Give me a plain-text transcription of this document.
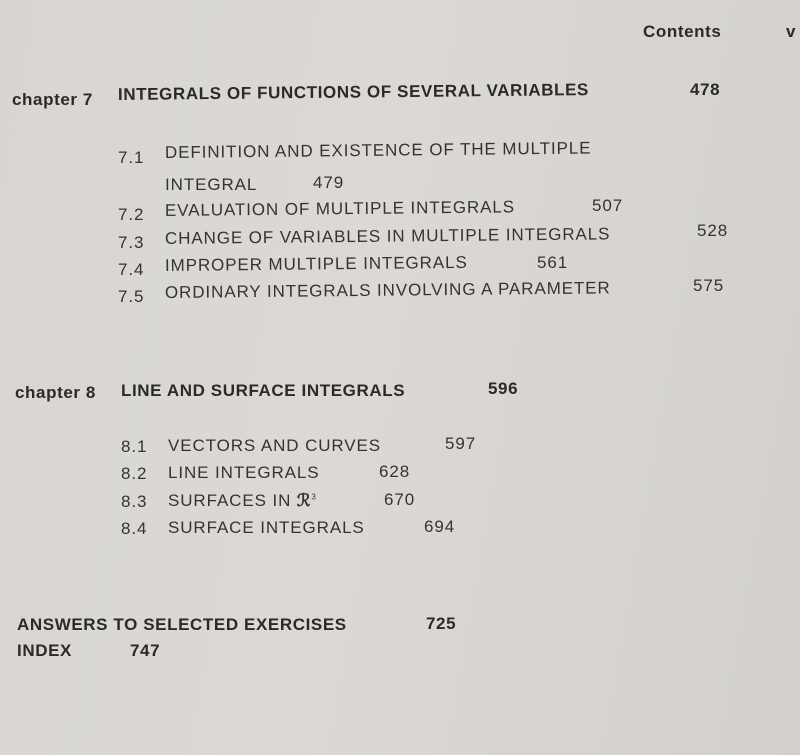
Contents	v
chapter 7 INTEGRALS OF FUNCTIONS OF SEVERAL VARIABLES	478
7.1 DEFINITION AND EXISTENCE OF THE MULTIPLE
INTEGRAL	479
7.2 EVALUATION OF MULTIPLE INTEGRALS	507
7.3 CHANGE OF VARIABLES IN MULTIPLE INTEGRALS	528
7.4 IMPROPER MULTIPLE INTEGRALS	561
7.5 ORDINARY INTEGRALS INVOLVING A PARAMETER	575
chapter 8 LINE AND SURFACE INTEGRALS	596
8.1 VECTORS AND CURVES	597
8.2 LINE INTEGRALS	628
8.3 SURFACES IN ℛ$^3$	670
8.4 SURFACE INTEGRALS	694
ANSWERS TO SELECTED EXERCISES	725
INDEX	747
